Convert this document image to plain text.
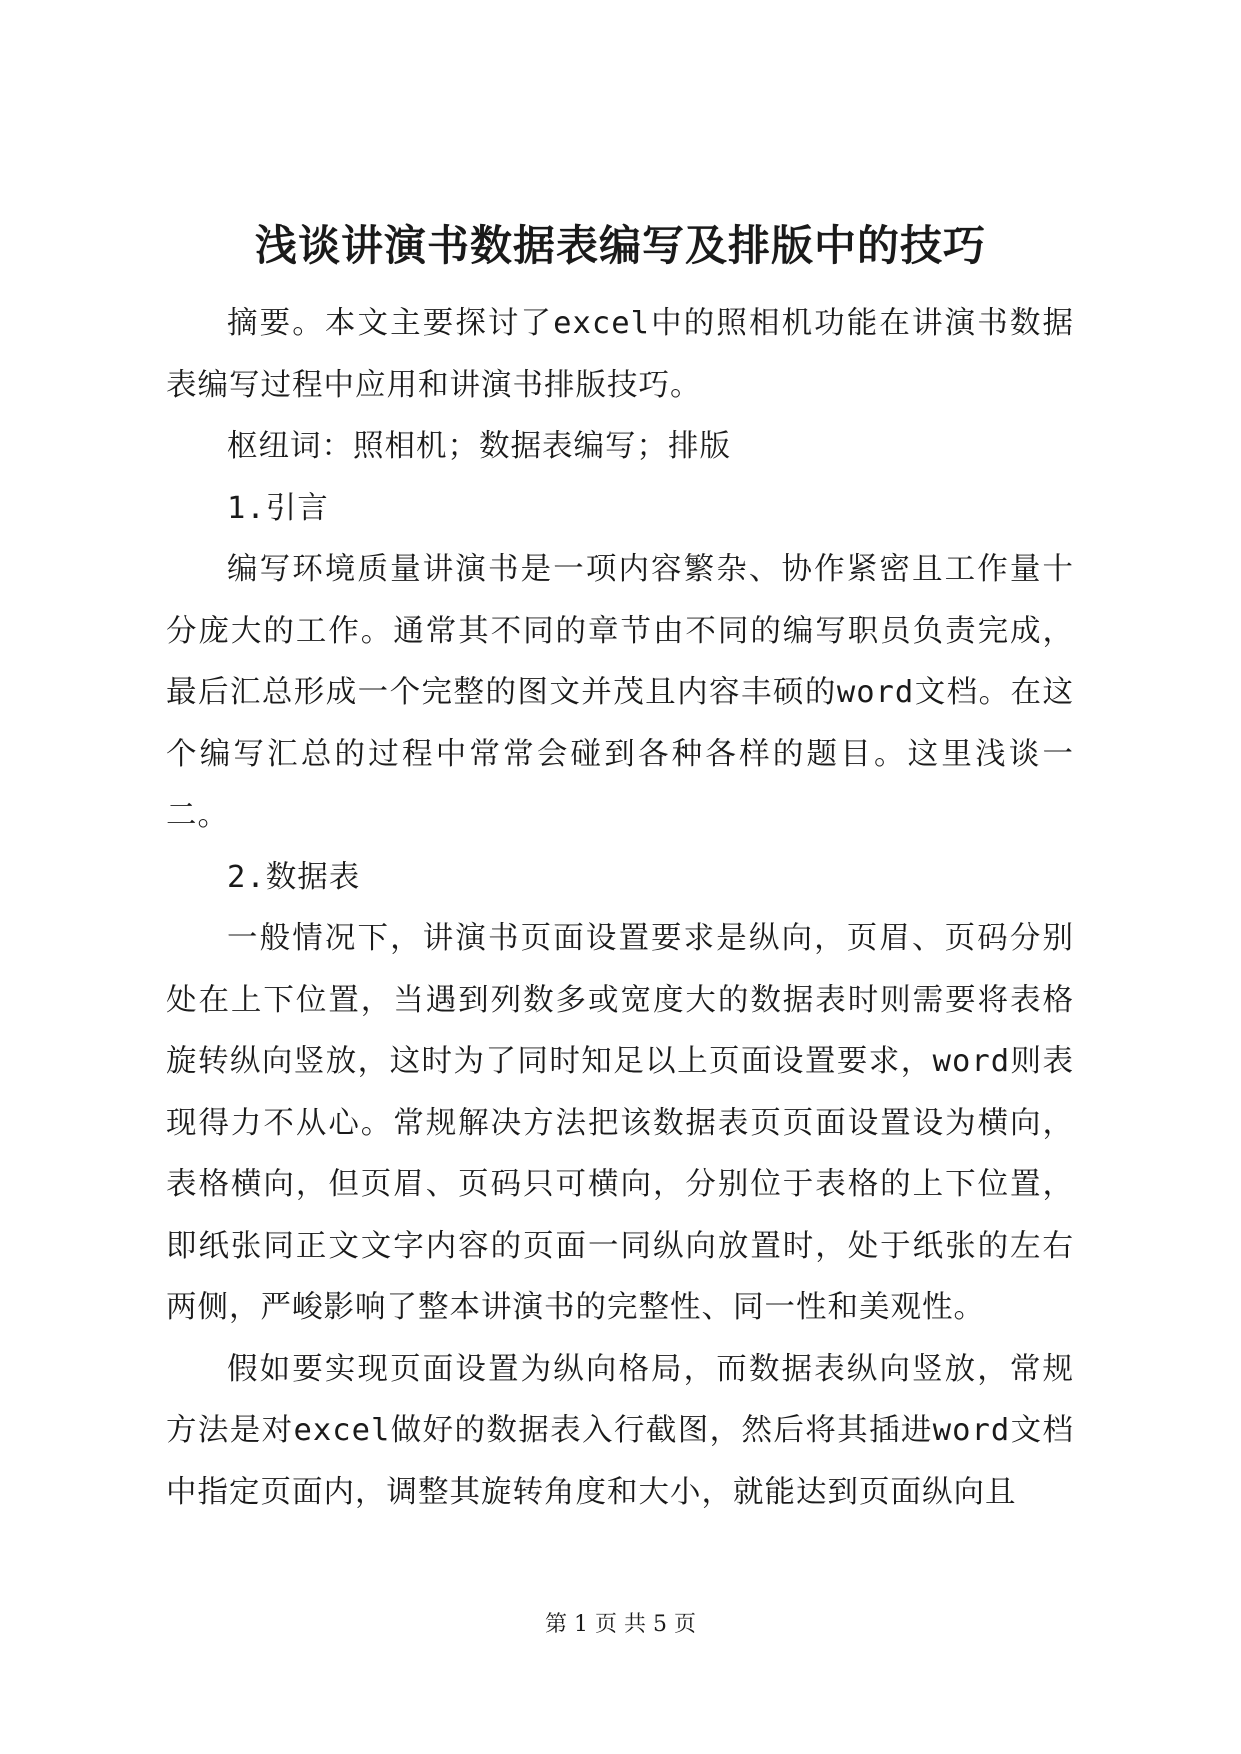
浅谈讲演书数据表编写及排版中的技巧

摘要。本文主要探讨了excel中的照相机功能在讲演书数据表编写过程中应用和讲演书排版技巧。

枢纽词：照相机；数据表编写；排版

1.引言

编写环境质量讲演书是一项内容繁杂、协作紧密且工作量十分庞大的工作。通常其不同的章节由不同的编写职员负责完成，最后汇总形成一个完整的图文并茂且内容丰硕的word文档。在这个编写汇总的过程中常常会碰到各种各样的题目。这里浅谈一二。

2.数据表

一般情况下，讲演书页面设置要求是纵向，页眉、页码分别处在上下位置，当遇到列数多或宽度大的数据表时则需要将表格旋转纵向竖放，这时为了同时知足以上页面设置要求，word则表现得力不从心。常规解决方法把该数据表页页面设置设为横向，表格横向，但页眉、页码只可横向，分别位于表格的上下位置，即纸张同正文文字内容的页面一同纵向放置时，处于纸张的左右两侧，严峻影响了整本讲演书的完整性、同一性和美观性。

假如要实现页面设置为纵向格局，而数据表纵向竖放，常规方法是对excel做好的数据表入行截图，然后将其插进word文档中指定页面内，调整其旋转角度和大小，就能达到页面纵向且

第 1 页 共 5 页
